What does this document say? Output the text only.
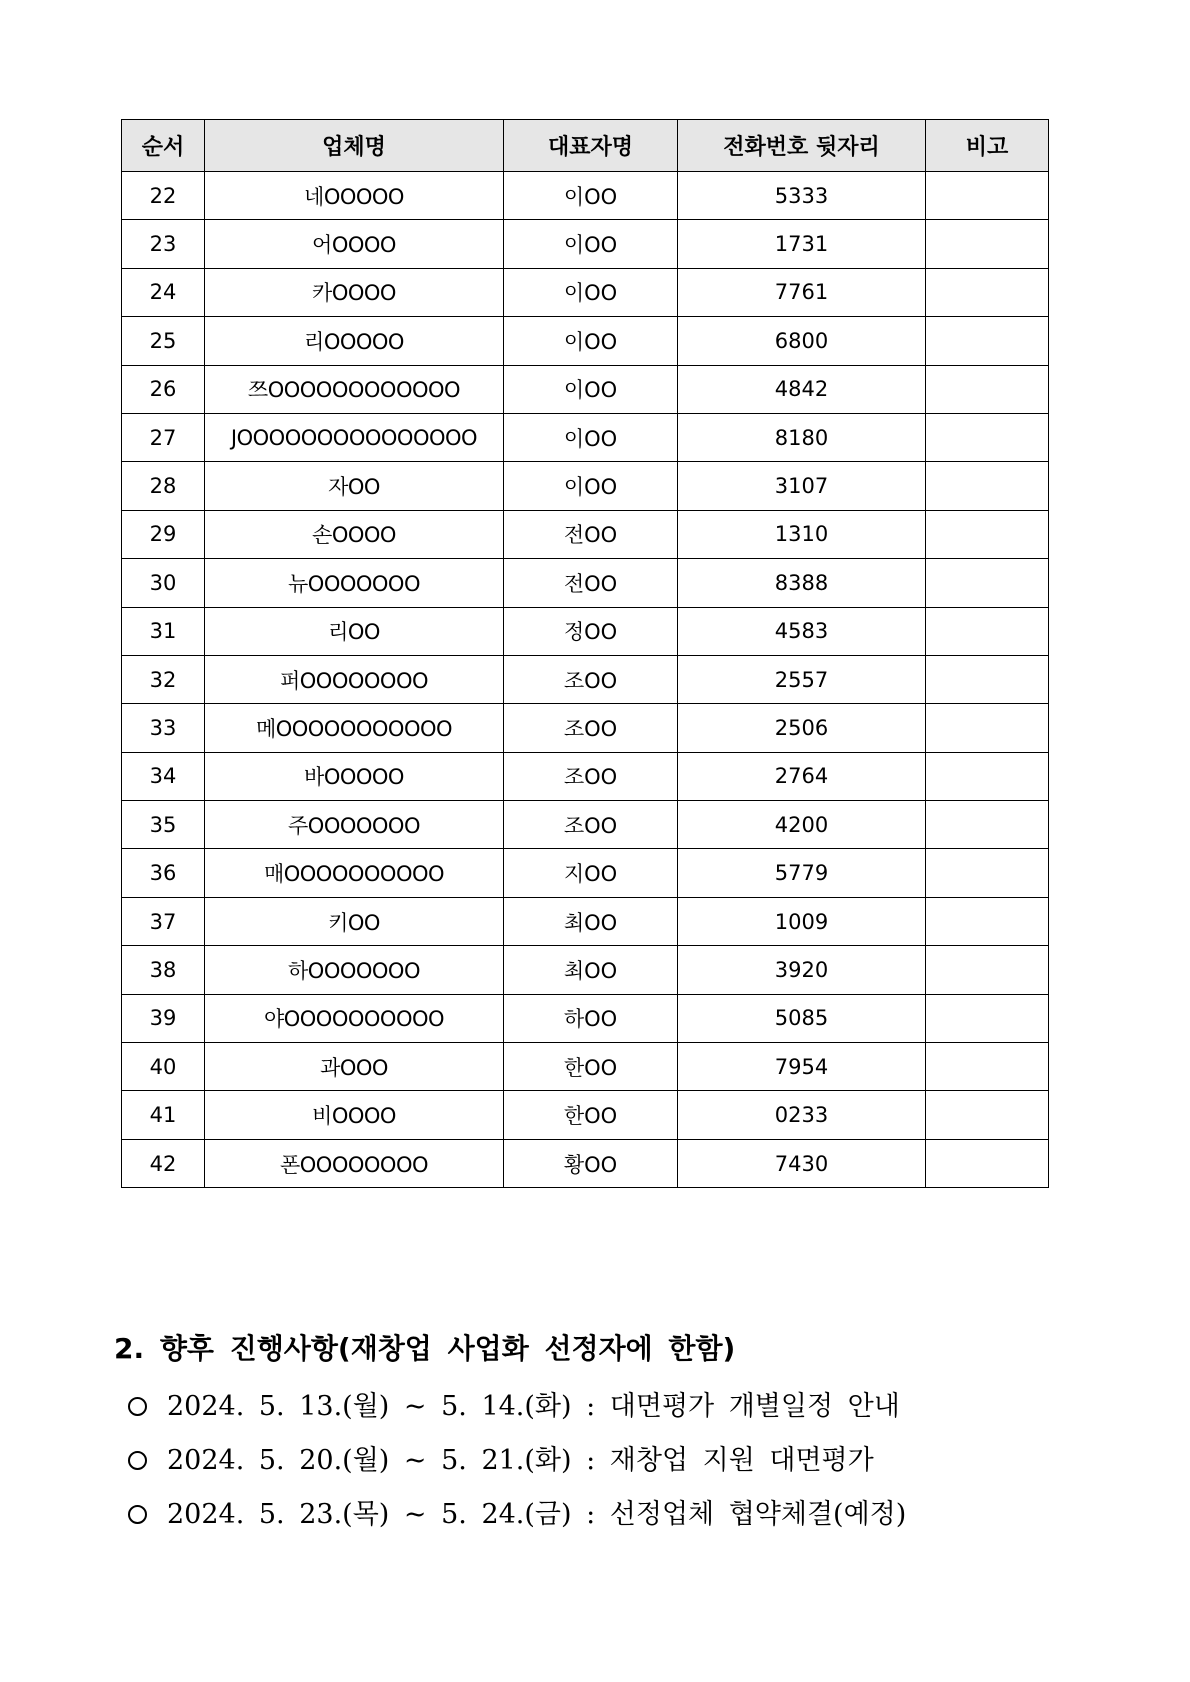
순서	업체명	대표자명	전화번호 뒷자리	비고
22	네OOOOO	이OO	5333	
23	어OOOO	이OO	1731	
24	카OOOO	이OO	7761	
25	리OOOOO	이OO	6800	
26	쯔OOOOOOOOOOOO	이OO	4842	
27	JOOOOOOOOOOOOOOO	이OO	8180	
28	자OO	이OO	3107	
29	손OOOO	전OO	1310	
30	뉴OOOOOOO	전OO	8388	
31	리OO	정OO	4583	
32	퍼OOOOOOOO	조OO	2557	
33	메OOOOOOOOOOO	조OO	2506	
34	바OOOOO	조OO	2764	
35	주OOOOOOO	조OO	4200	
36	매OOOOOOOOOO	지OO	5779	
37	키OO	최OO	1009	
38	하OOOOOOO	최OO	3920	
39	야OOOOOOOOOO	하OO	5085	
40	과OOO	한OO	7954	
41	비OOOO	한OO	0233	
42	폰OOOOOOOO	황OO	7430	
2. 향후 진행사항(재창업 사업화 선정자에 한함)
2024. 5. 13.(월) ~ 5. 14.(화) : 대면평가 개별일정 안내
2024. 5. 20.(월) ~ 5. 21.(화) : 재창업 지원 대면평가
2024. 5. 23.(목) ~ 5. 24.(금) : 선정업체 협약체결(예정)
